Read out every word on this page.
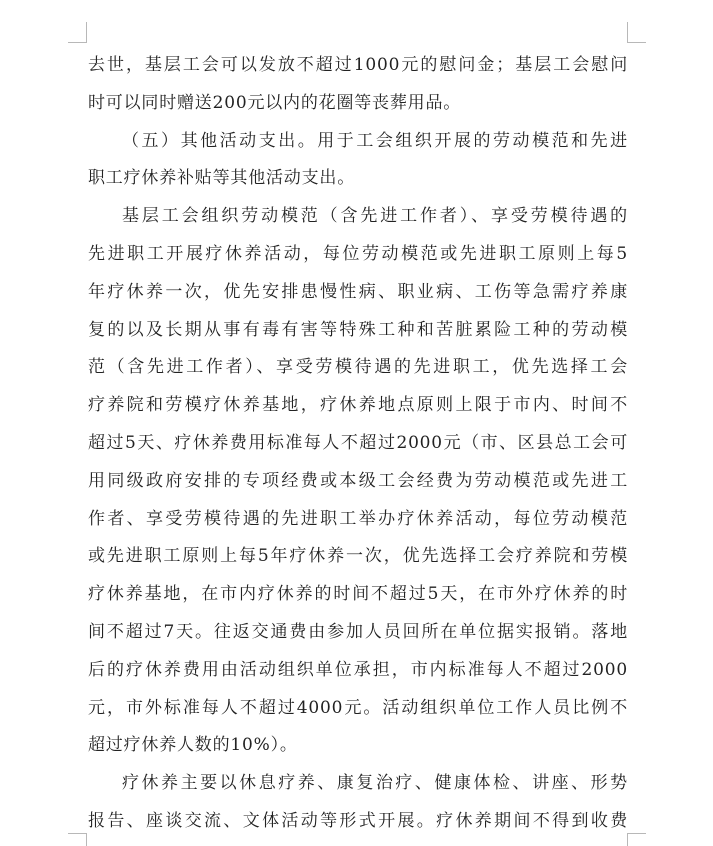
去世，基层工会可以发放不超过1000元的慰问金；基层工会慰问
时可以同时赠送200元以内的花圈等丧葬用品。
（五）其他活动支出。用于工会组织开展的劳动模范和先进
职工疗休养补贴等其他活动支出。
基层工会组织劳动模范（含先进工作者）、享受劳模待遇的
先进职工开展疗休养活动，每位劳动模范或先进职工原则上每5
年疗休养一次，优先安排患慢性病、职业病、工伤等急需疗养康
复的以及长期从事有毒有害等特殊工种和苦脏累险工种的劳动模
范（含先进工作者）、享受劳模待遇的先进职工，优先选择工会
疗养院和劳模疗休养基地，疗休养地点原则上限于市内、时间不
超过5天、疗休养费用标准每人不超过2000元（市、区县总工会可
用同级政府安排的专项经费或本级工会经费为劳动模范或先进工
作者、享受劳模待遇的先进职工举办疗休养活动，每位劳动模范
或先进职工原则上每5年疗休养一次，优先选择工会疗养院和劳模
疗休养基地，在市内疗休养的时间不超过5天，在市外疗休养的时
间不超过7天。往返交通费由参加人员回所在单位据实报销。落地
后的疗休养费用由活动组织单位承担，市内标准每人不超过2000
元，市外标准每人不超过4000元。活动组织单位工作人员比例不
超过疗休养人数的10%）。
疗休养主要以休息疗养、康复治疗、健康体检、讲座、形势
报告、座谈交流、文体活动等形式开展。疗休养期间不得到收费
